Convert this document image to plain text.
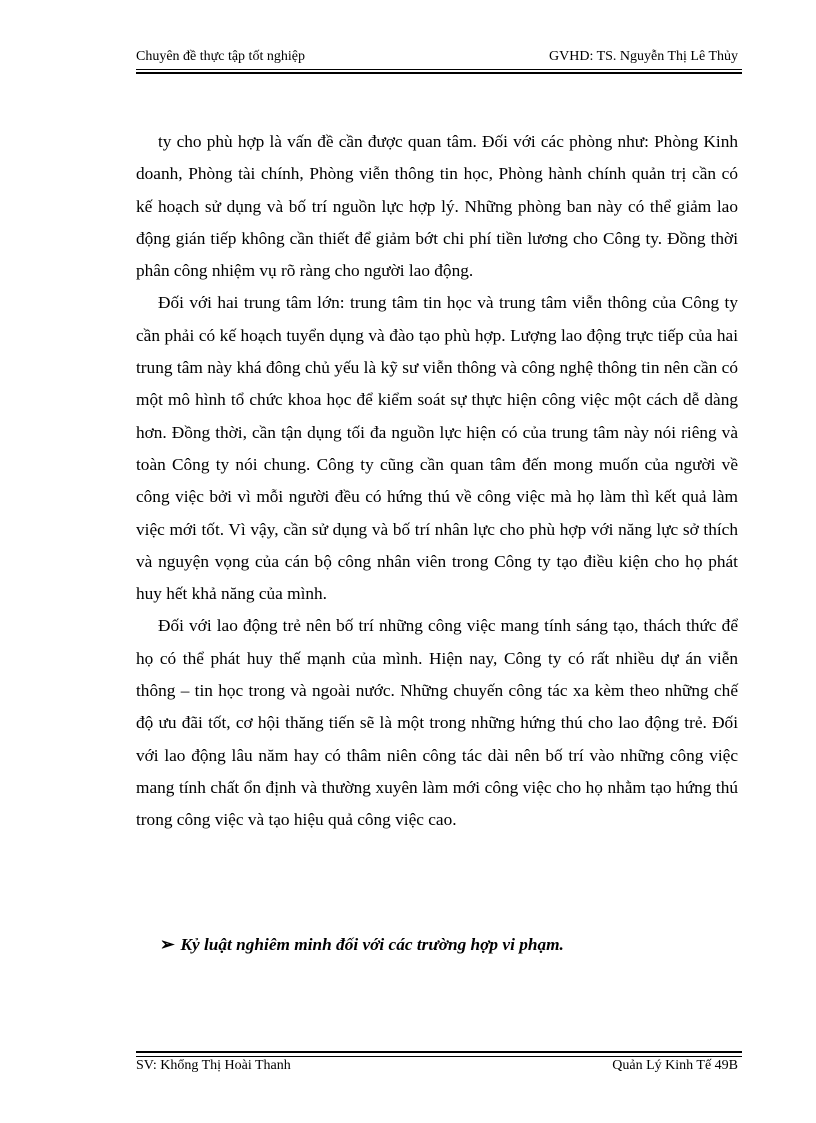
Chuyên đề thực tập tốt nghiệp	GVHD: TS. Nguyễn Thị Lê Thủy

ty cho phù hợp là vấn đề cần được quan tâm. Đối với các phòng như: Phòng Kinh doanh, Phòng tài chính, Phòng viễn thông tin học, Phòng hành chính quản trị cần có kế hoạch sử dụng và bố trí nguồn lực hợp lý. Những phòng ban này có thể giảm lao động gián tiếp không cần thiết để giảm bớt chi phí tiền lương cho Công ty. Đồng thời phân công nhiệm vụ rõ ràng cho người lao động.

Đối với hai trung tâm lớn: trung tâm tin học và trung tâm viễn thông của Công ty cần phải có kế hoạch tuyển dụng và đào tạo phù hợp. Lượng lao động trực tiếp của hai trung tâm này khá đông chủ yếu là kỹ sư viễn thông và công nghệ thông tin nên cần có một mô hình tổ chức khoa học để kiểm soát sự thực hiện công việc một cách dễ dàng hơn. Đồng thời, cần tận dụng tối đa nguồn lực hiện có của trung tâm này nói riêng và toàn Công ty nói chung. Công ty cũng cần quan tâm đến mong muốn của người về công việc bởi vì mỗi người đều có hứng thú về công việc mà họ làm thì kết quả làm việc mới tốt. Vì vậy, cần sử dụng và bố trí nhân lực cho phù hợp với năng lực sở thích và nguyện vọng của cán bộ công nhân viên trong Công ty tạo điều kiện cho họ phát huy hết khả năng của mình.

Đối với lao động trẻ nên bố trí những công việc mang tính sáng tạo, thách thức để họ có thể phát huy thế mạnh của mình. Hiện nay, Công ty có rất nhiều dự án viễn thông – tin học trong và ngoài nước. Những chuyến công tác xa kèm theo những chế độ ưu đãi tốt, cơ hội thăng tiến sẽ là một trong những hứng thú cho lao động trẻ. Đối với lao động lâu năm hay có thâm niên công tác dài nên bố trí vào những công việc mang tính chất ổn định và thường xuyên làm mới công việc cho họ nhằm tạo hứng thú trong công việc và tạo hiệu quả công việc cao.

➢ Kỷ luật nghiêm minh đối với các trường hợp vi phạm.
SV: Khổng Thị Hoài Thanh	Quản Lý Kinh Tế 49B
